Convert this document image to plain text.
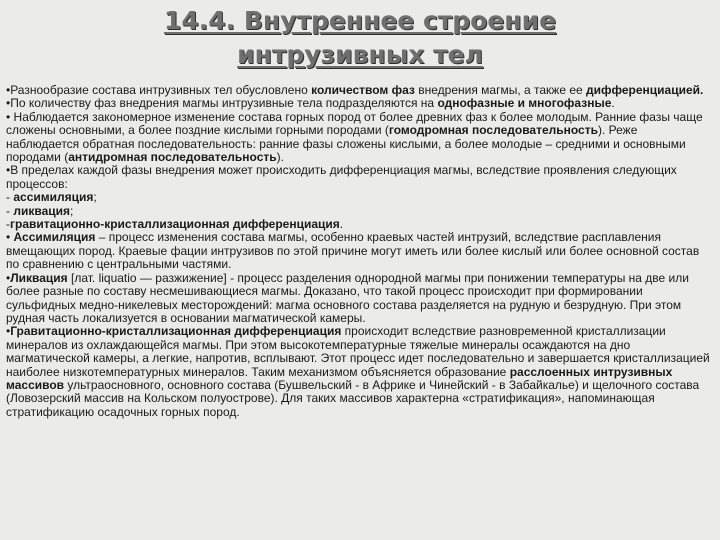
14.4. Внутреннее строение
интрузивных тел

•Разнообразие состава интрузивных тел обусловлено количеством фаз внедрения магмы, а также ее дифференциацией.

•По количеству фаз внедрения магмы интрузивные тела подразделяются на однофазные и многофазные.

• Наблюдается закономерное изменение состава горных пород от более древних фаз к более молодым. Ранние фазы чаще сложены основными, а более поздние кислыми горными породами (гомодромная последовательность). Реже наблюдается обратная последовательность: ранние фазы сложены кислыми, а более молодые – средними и основными породами (антидромная последовательность).

•В пределах каждой фазы внедрения может происходить дифференциация магмы, вследствие проявления следующих процессов:

- ассимиляция;

- ликвация;

-гравитационно-кристаллизационная дифференциация.

• Ассимиляция – процесс изменения состава магмы, особенно краевых частей интрузий, вследствие расплавления вмещающих пород. Краевые фации интрузивов по этой причине могут иметь или более кислый или более основной состав по сравнению с центральными частями.

•Ликвация [лат. liquatio — разжижение] - процесс разделения однородной магмы при понижении температуры на две или более разные по составу несмешивающиеся магмы. Доказано, что такой процесс происходит при формировании сульфидных медно-никелевых месторождений: магма основного состава разделяется на рудную и безрудную. При этом рудная часть локализуется в основании магматической камеры.

•Гравитационно-кристаллизационная дифференциация происходит вследствие разновременной кристаллизации минералов из охлаждающейся магмы. При этом высокотемпературные тяжелые минералы осаждаются на дно магматической камеры, а легкие, напротив, всплывают. Этот процесс идет последовательно и завершается кристаллизацией наиболее низкотемпературных минералов. Таким механизмом объясняется образование расслоенных интрузивных массивов ультраосновного, основного состава (Бушвельский - в Африке и Чинейский - в Забайкалье) и щелочного состава (Ловозерский массив на Кольском полуострове). Для таких массивов характерна «стратификация», напоминающая стратификацию осадочных горных пород.
